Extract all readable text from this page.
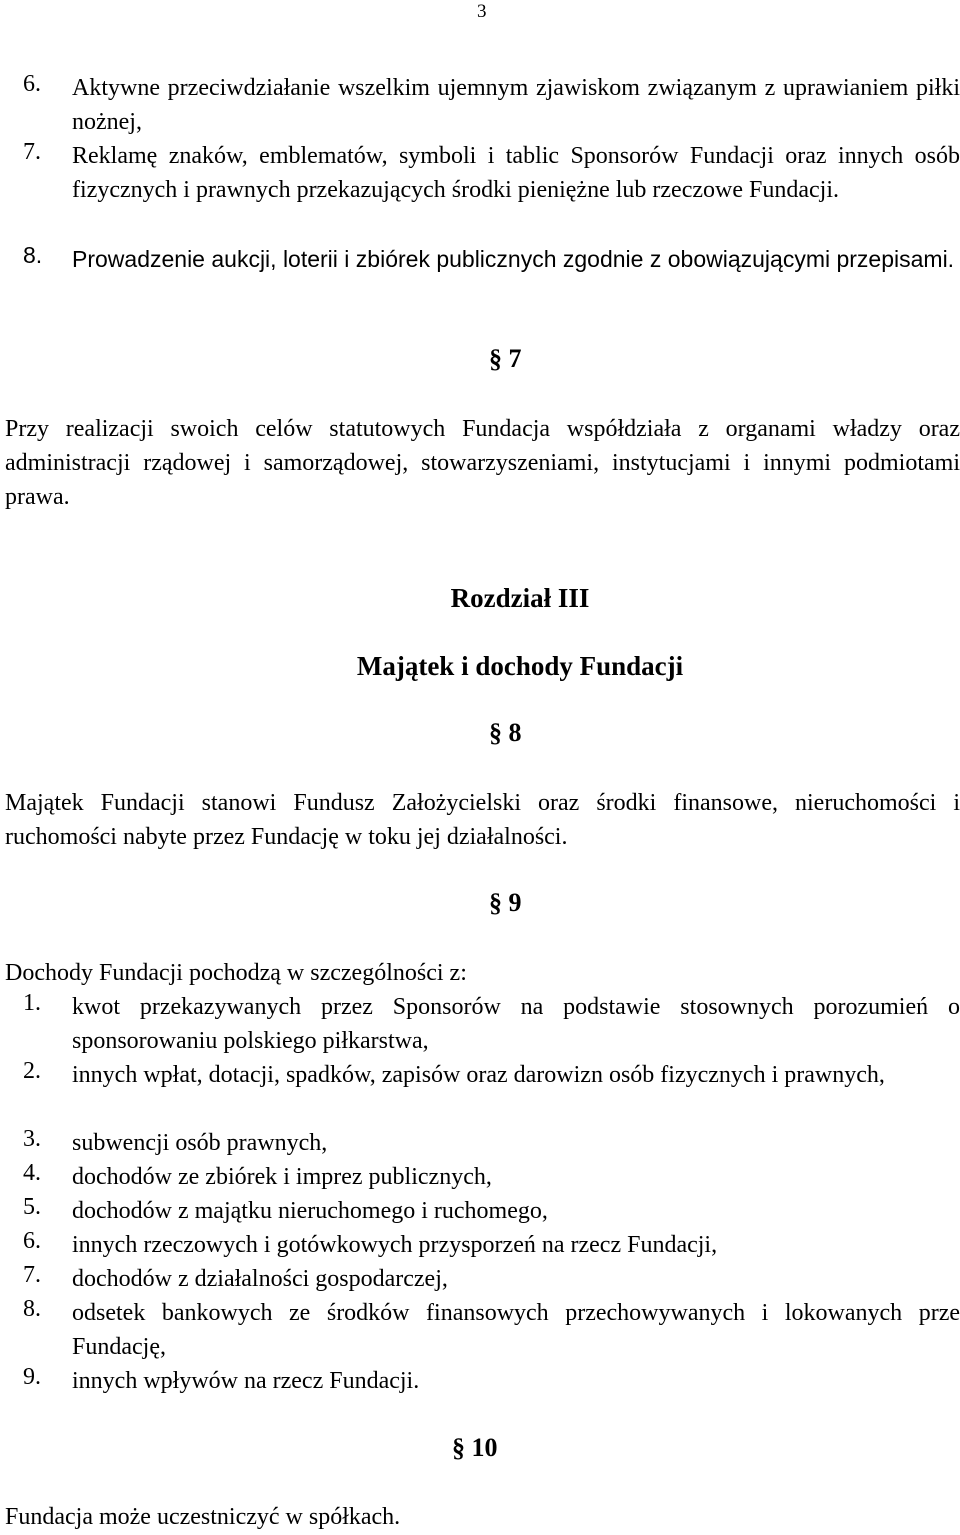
3
6.	Aktywne przeciwdziałanie wszelkim ujemnym zjawiskom związanym z uprawianiem piłki nożnej,
7.	Reklamę znaków, emblematów, symboli i tablic Sponsorów Fundacji oraz innych osób fizycznych i prawnych przekazujących środki pieniężne lub rzeczowe Fundacji.
8.	Prowadzenie aukcji, loterii i zbiórek publicznych zgodnie z obowiązującymi przepisami.
§ 7
Przy realizacji swoich celów statutowych Fundacja współdziała z organami władzy oraz administracji rządowej i samorządowej, stowarzyszeniami, instytucjami i innymi podmiotami prawa.
Rozdział III
Majątek i dochody Fundacji
§ 8
Majątek Fundacji stanowi Fundusz Założycielski oraz środki finansowe, nieruchomości i ruchomości nabyte przez Fundację w toku jej działalności.
§ 9
Dochody Fundacji pochodzą w szczególności z:
1.	kwot przekazywanych przez Sponsorów na podstawie stosownych porozumień o sponsorowaniu polskiego piłkarstwa,
2.	innych wpłat, dotacji, spadków, zapisów oraz darowizn osób fizycznych i prawnych,
3.	subwencji osób prawnych,
4.	dochodów ze zbiórek i imprez publicznych,
5.	dochodów z majątku nieruchomego i ruchomego,
6.	innych rzeczowych i gotówkowych przysporzeń na rzecz Fundacji,
7.	dochodów z działalności gospodarczej,
8.	odsetek bankowych ze środków finansowych przechowywanych i lokowanych prze Fundację,
9.	innych wpływów na rzecz Fundacji.
§ 10
Fundacja może uczestniczyć w spółkach.
